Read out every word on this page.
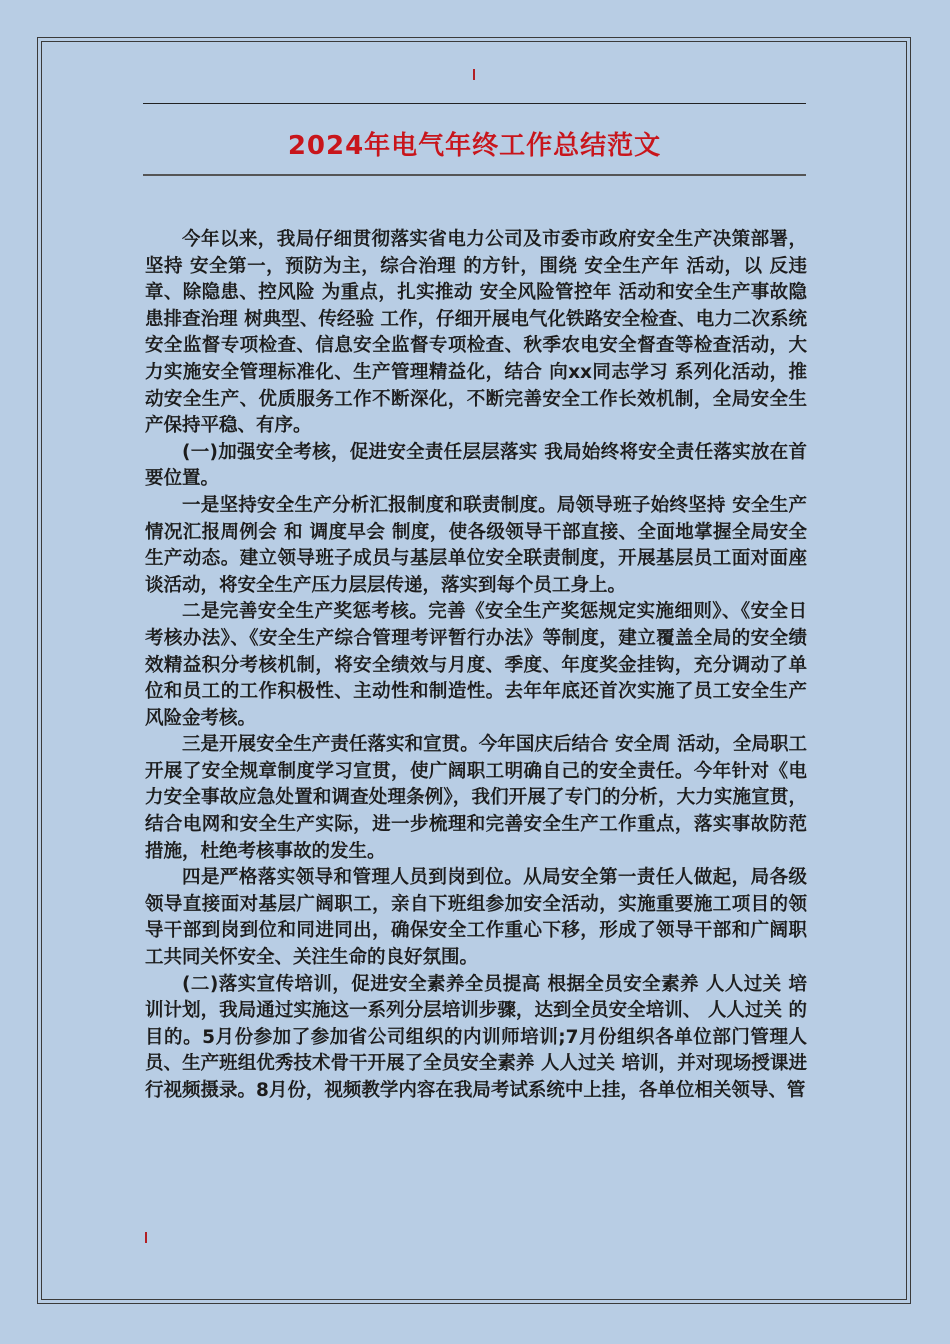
2024年电气年终工作总结范文

今年以来，我局仔细贯彻落实省电力公司及市委市政府安全生产决策部署，坚持 安全第一，预防为主，综合治理 的方针，围绕 安全生产年 活动，以 反违章、除隐患、控风险 为重点，扎实推动 安全风险管控年 活动和安全生产事故隐患排查治理 树典型、传经验 工作，仔细开展电气化铁路安全检查、电力二次系统安全监督专项检查、信息安全监督专项检查、秋季农电安全督查等检查活动，大力实施安全管理标准化、生产管理精益化，结合 向xx同志学习 系列化活动，推动安全生产、优质服务工作不断深化，不断完善安全工作长效机制，全局安全生产保持平稳、有序。

(一)加强安全考核，促进安全责任层层落实 我局始终将安全责任落实放在首要位置。

一是坚持安全生产分析汇报制度和联责制度。局领导班子始终坚持 安全生产情况汇报周例会 和 调度早会 制度，使各级领导干部直接、全面地掌握全局安全生产动态。建立领导班子成员与基层单位安全联责制度，开展基层员工面对面座谈活动，将安全生产压力层层传递，落实到每个员工身上。

二是完善安全生产奖惩考核。完善《安全生产奖惩规定实施细则》、《安全日考核办法》、《安全生产综合管理考评暂行办法》等制度，建立覆盖全局的安全绩效精益积分考核机制，将安全绩效与月度、季度、年度奖金挂钩，充分调动了单位和员工的工作积极性、主动性和制造性。去年年底还首次实施了员工安全生产风险金考核。

三是开展安全生产责任落实和宣贯。今年国庆后结合 安全周 活动，全局职工开展了安全规章制度学习宣贯，使广阔职工明确自己的安全责任。今年针对《电力安全事故应急处置和调查处理条例》，我们开展了专门的分析，大力实施宣贯，结合电网和安全生产实际，进一步梳理和完善安全生产工作重点，落实事故防范措施，杜绝考核事故的发生。

四是严格落实领导和管理人员到岗到位。从局安全第一责任人做起，局各级领导直接面对基层广阔职工，亲自下班组参加安全活动，实施重要施工项目的领导干部到岗到位和同进同出，确保安全工作重心下移，形成了领导干部和广阔职工共同关怀安全、关注生命的良好氛围。

(二)落实宣传培训，促进安全素养全员提高 根据全员安全素养 人人过关 培训计划，我局通过实施这一系列分层培训步骤，达到全员安全培训、 人人过关 的目的。5月份参加了参加省公司组织的内训师培训;7月份组织各单位部门管理人员、生产班组优秀技术骨干开展了全员安全素养 人人过关 培训，并对现场授课进行视频摄录。8月份，视频教学内容在我局考试系统中上挂，各单位相关领导、管
